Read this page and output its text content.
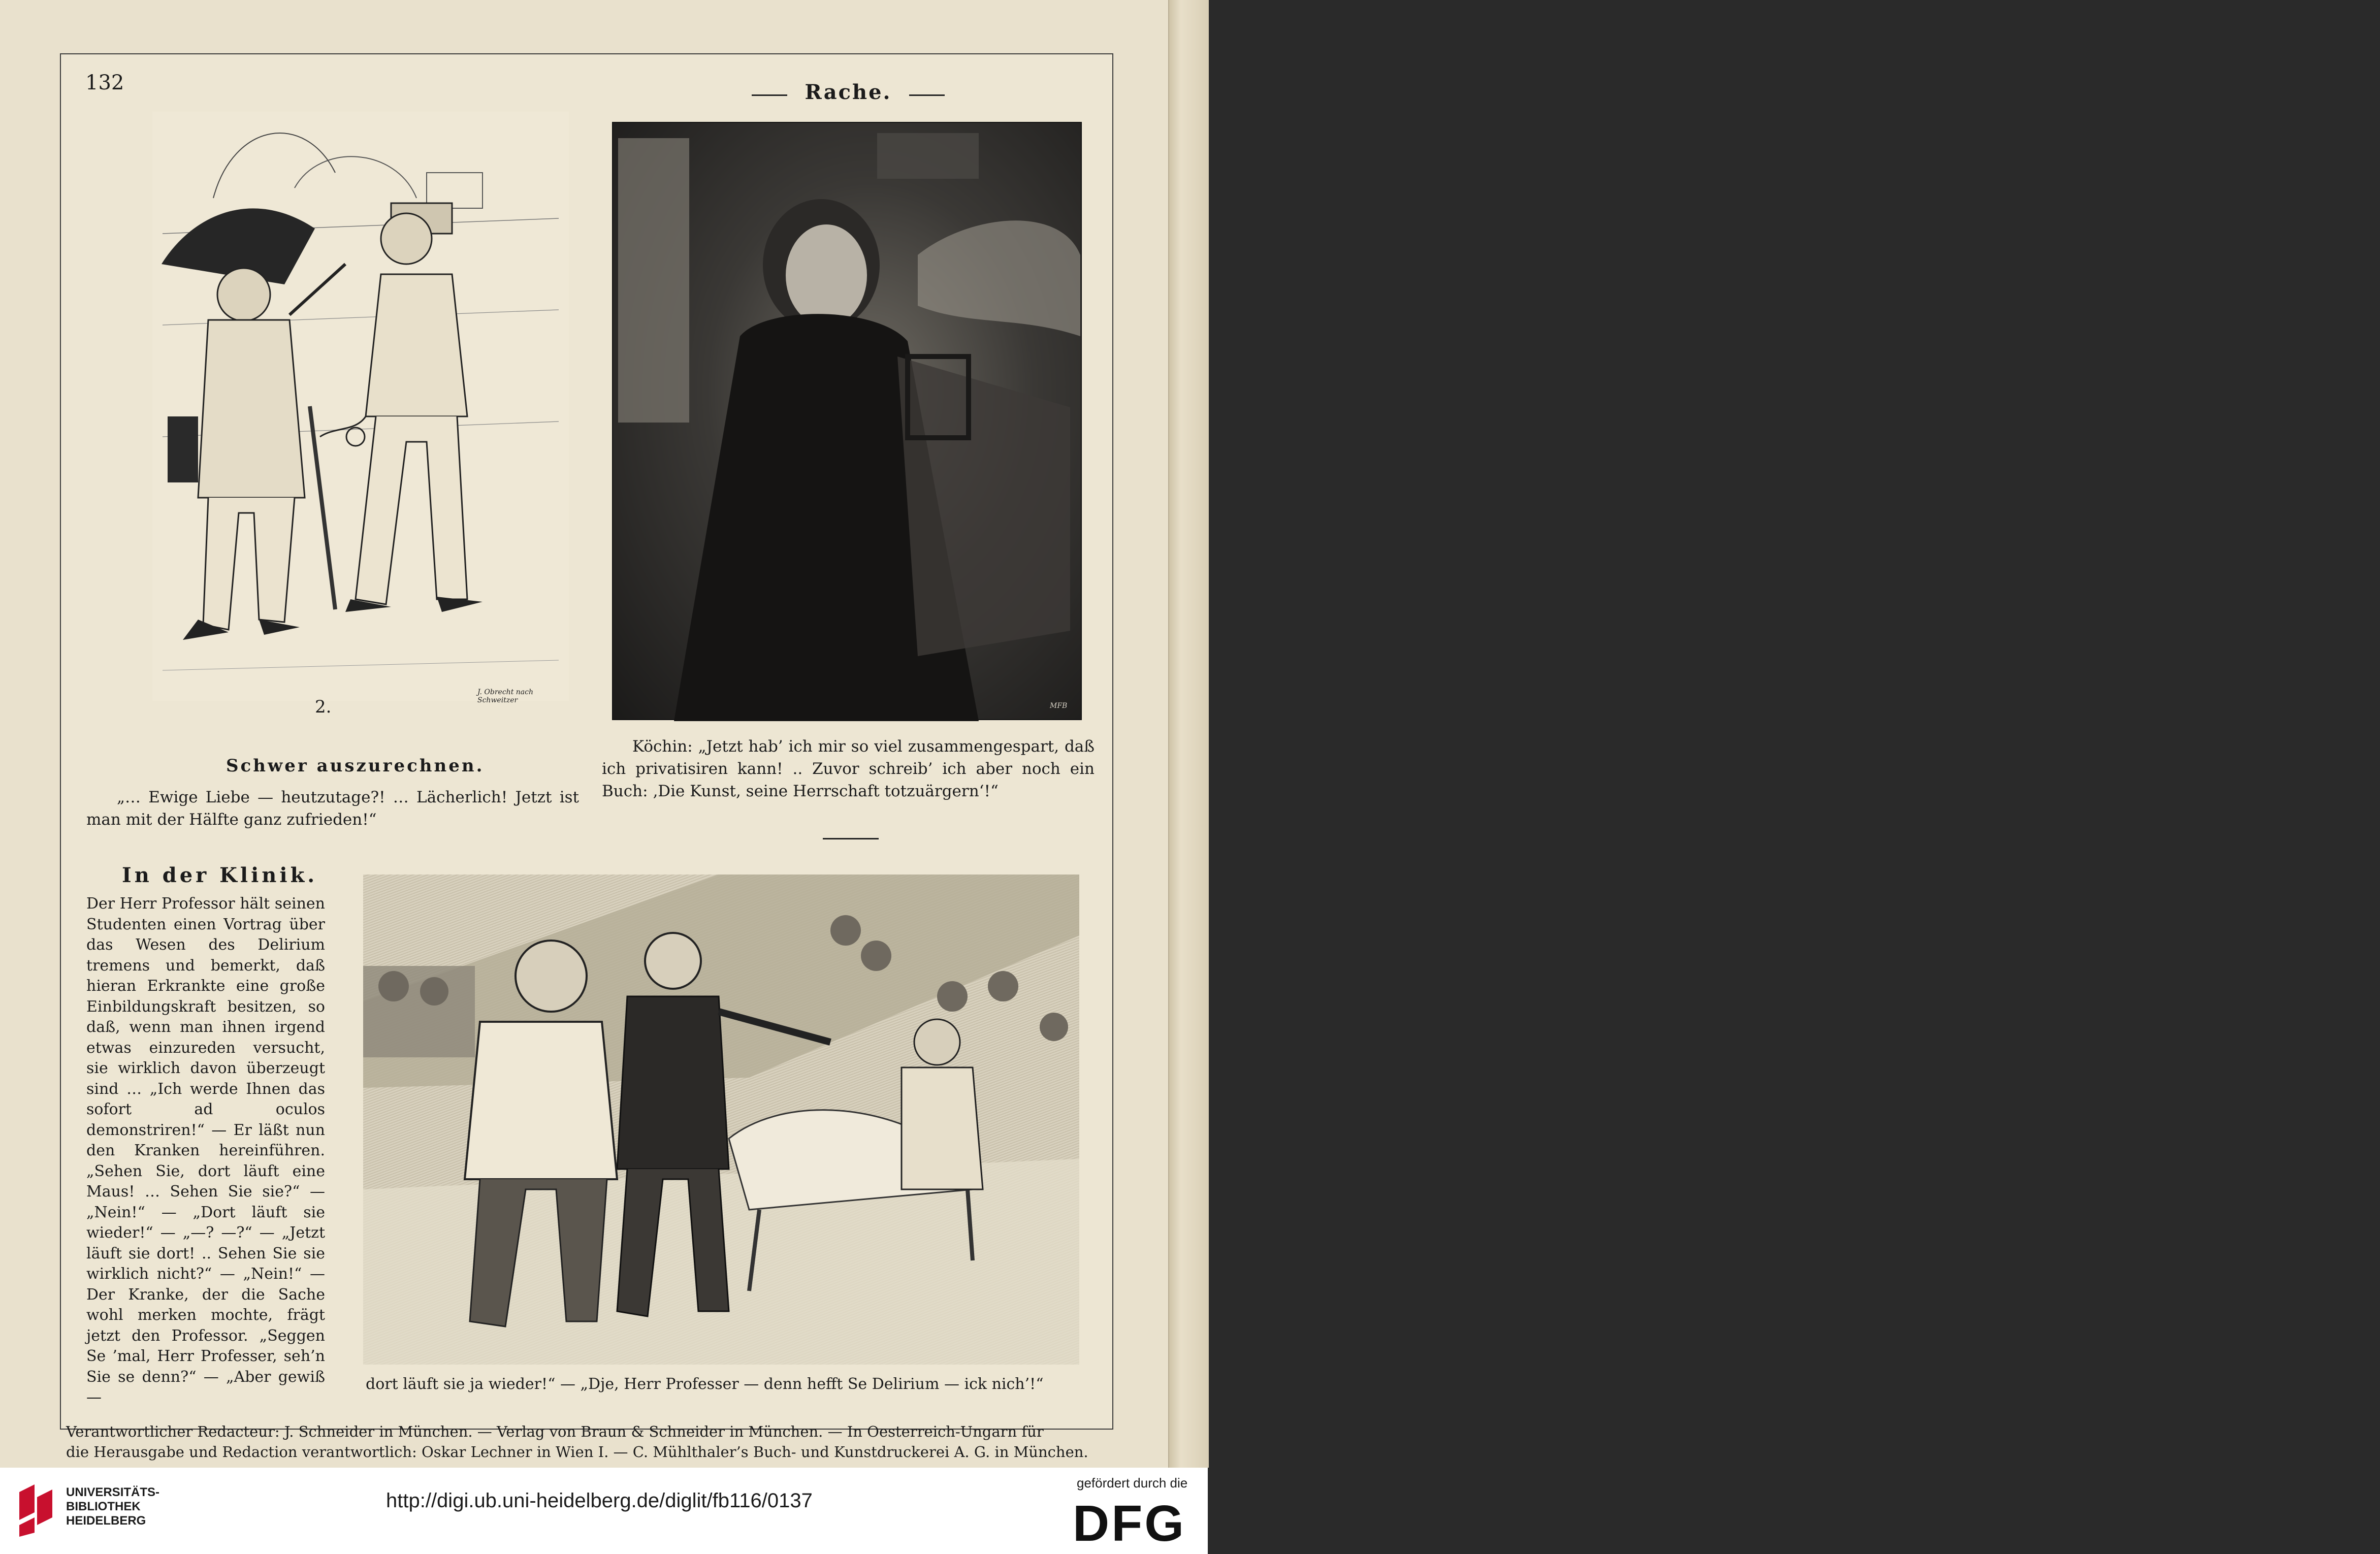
1
132	Rache.
J. Obrecht nach Schweitzer
2.	MFB
Schwer auszurechnen.
„… Ewige Liebe — heutzutage?! … Lächerlich! Jetzt ist man mit der Hälfte ganz zufrieden!“
Köchin: „Jetzt hab’ ich mir so viel zusammengespart, daß ich privatisiren kann! .. Zuvor schreib’ ich aber noch ein Buch: ‚Die Kunst, seine Herrschaft totzuärgern‘!“
In der Klinik.
Der Herr Professor hält seinen Studenten einen Vortrag über das Wesen des Delirium tremens und bemerkt, daß hieran Erkrankte eine große Einbildungskraft besitzen, so daß, wenn man ihnen irgend etwas einzureden versucht, sie wirklich davon überzeugt sind … „Ich werde Ihnen das sofort ad oculos demonstriren!“ — Er läßt nun den Kranken hereinführen. „Sehen Sie, dort läuft eine Maus! … Sehen Sie sie?“ — „Nein!“ — „Dort läuft sie wieder!“ — „—? —?“ — „Jetzt läuft sie dort! .. Sehen Sie sie wirklich nicht?“ — „Nein!“ — Der Kranke, der die Sache wohl merken mochte, frägt jetzt den Professor. „Seggen Se ’mal, Herr Professer, seh’n Sie se denn?“ — „Aber gewiß —
dort läuft sie ja wieder!“ — „Dje, Herr Professer — denn hefft Se Delirium — ick nich’!“
Verantwortlicher Redacteur: J. Schneider in München. — Verlag von Braun & Schneider in München. — In Oesterreich-Ungarn für
die Herausgabe und Redaction verantwortlich: Oskar Lechner in Wien I. — C. Mühlthaler’s Buch- und Kunstdruckerei A. G. in München.
UNIVERSITÄTS-
BIBLIOTHEK
HEIDELBERG
http://digi.ub.uni-heidelberg.de/diglit/fb116/0137
gefördert durch die
DFG
